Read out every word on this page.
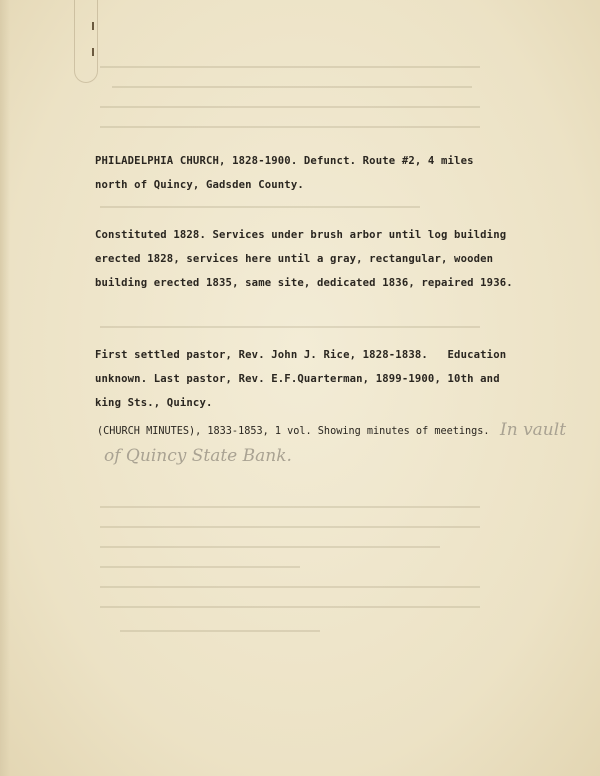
PHILADELPHIA CHURCH, 1828-1900. Defunct. Route #2, 4 miles
north of Quincy, Gadsden County.
Constituted 1828. Services under brush arbor until log building
erected 1828, services here until a gray, rectangular, wooden
building erected 1835, same site, dedicated 1836, repaired 1936.
First settled pastor, Rev. John J. Rice, 1828-1838.   Education
unknown. Last pastor, Rev. E.F.Quarterman, 1899-1900, 10th and
king Sts., Quincy.
(CHURCH MINUTES), 1833-1853, 1 vol. Showing minutes of meetings. In vault
of Quincy State Bank.
